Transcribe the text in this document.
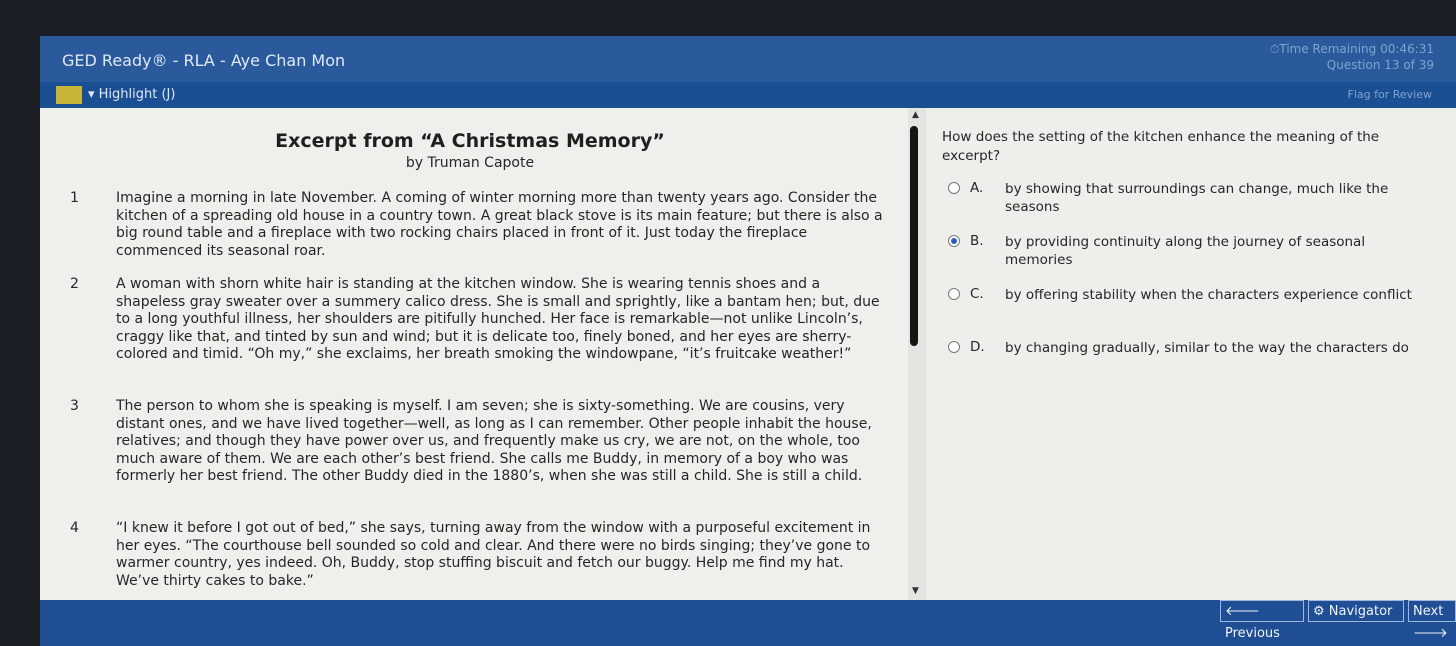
GED Ready® - RLA - Aye Chan Mon
⏱Time Remaining 00:46:31
Question 13 of 39
▾ Highlight (J)	Flag for Review
Excerpt from “A Christmas Memory”
by Truman Capote
1	Imagine a morning in late November. A coming of winter morning more than twenty years ago. Consider the kitchen of a spreading old house in a country town. A great black stove is its main feature; but there is also a big round table and a fireplace with two rocking chairs placed in front of it. Just today the fireplace commenced its seasonal roar.
2	A woman with shorn white hair is standing at the kitchen window. She is wearing tennis shoes and a shapeless gray sweater over a summery calico dress. She is small and sprightly, like a bantam hen; but, due to a long youthful illness, her shoulders are pitifully hunched. Her face is remarkable—not unlike Lincoln’s, craggy like that, and tinted by sun and wind; but it is delicate too, finely boned, and her eyes are sherry-colored and timid. “Oh my,” she exclaims, her breath smoking the windowpane, “it’s fruitcake weather!”
3	The person to whom she is speaking is myself. I am seven; she is sixty-something. We are cousins, very distant ones, and we have lived together—well, as long as I can remember. Other people inhabit the house, relatives; and though they have power over us, and frequently make us cry, we are not, on the whole, too much aware of them. We are each other’s best friend. She calls me Buddy, in memory of a boy who was formerly her best friend. The other Buddy died in the 1880’s, when she was still a child. She is still a child.
4	“I knew it before I got out of bed,” she says, turning away from the window with a purposeful excitement in her eyes. “The courthouse bell sounded so cold and clear. And there were no birds singing; they’ve gone to warmer country, yes indeed. Oh, Buddy, stop stuffing biscuit and fetch our buggy. Help me find my hat. We’ve thirty cakes to bake.”
▲
▼
How does the setting of the kitchen enhance the meaning of the excerpt?
A. by showing that surroundings can change, much like the seasons
B. by providing continuity along the journey of seasonal memories
C. by offering stability when the characters experience conflict
D. by changing gradually, similar to the way the characters do
🡐 Previous
⚙ Navigator	Next 🡒
